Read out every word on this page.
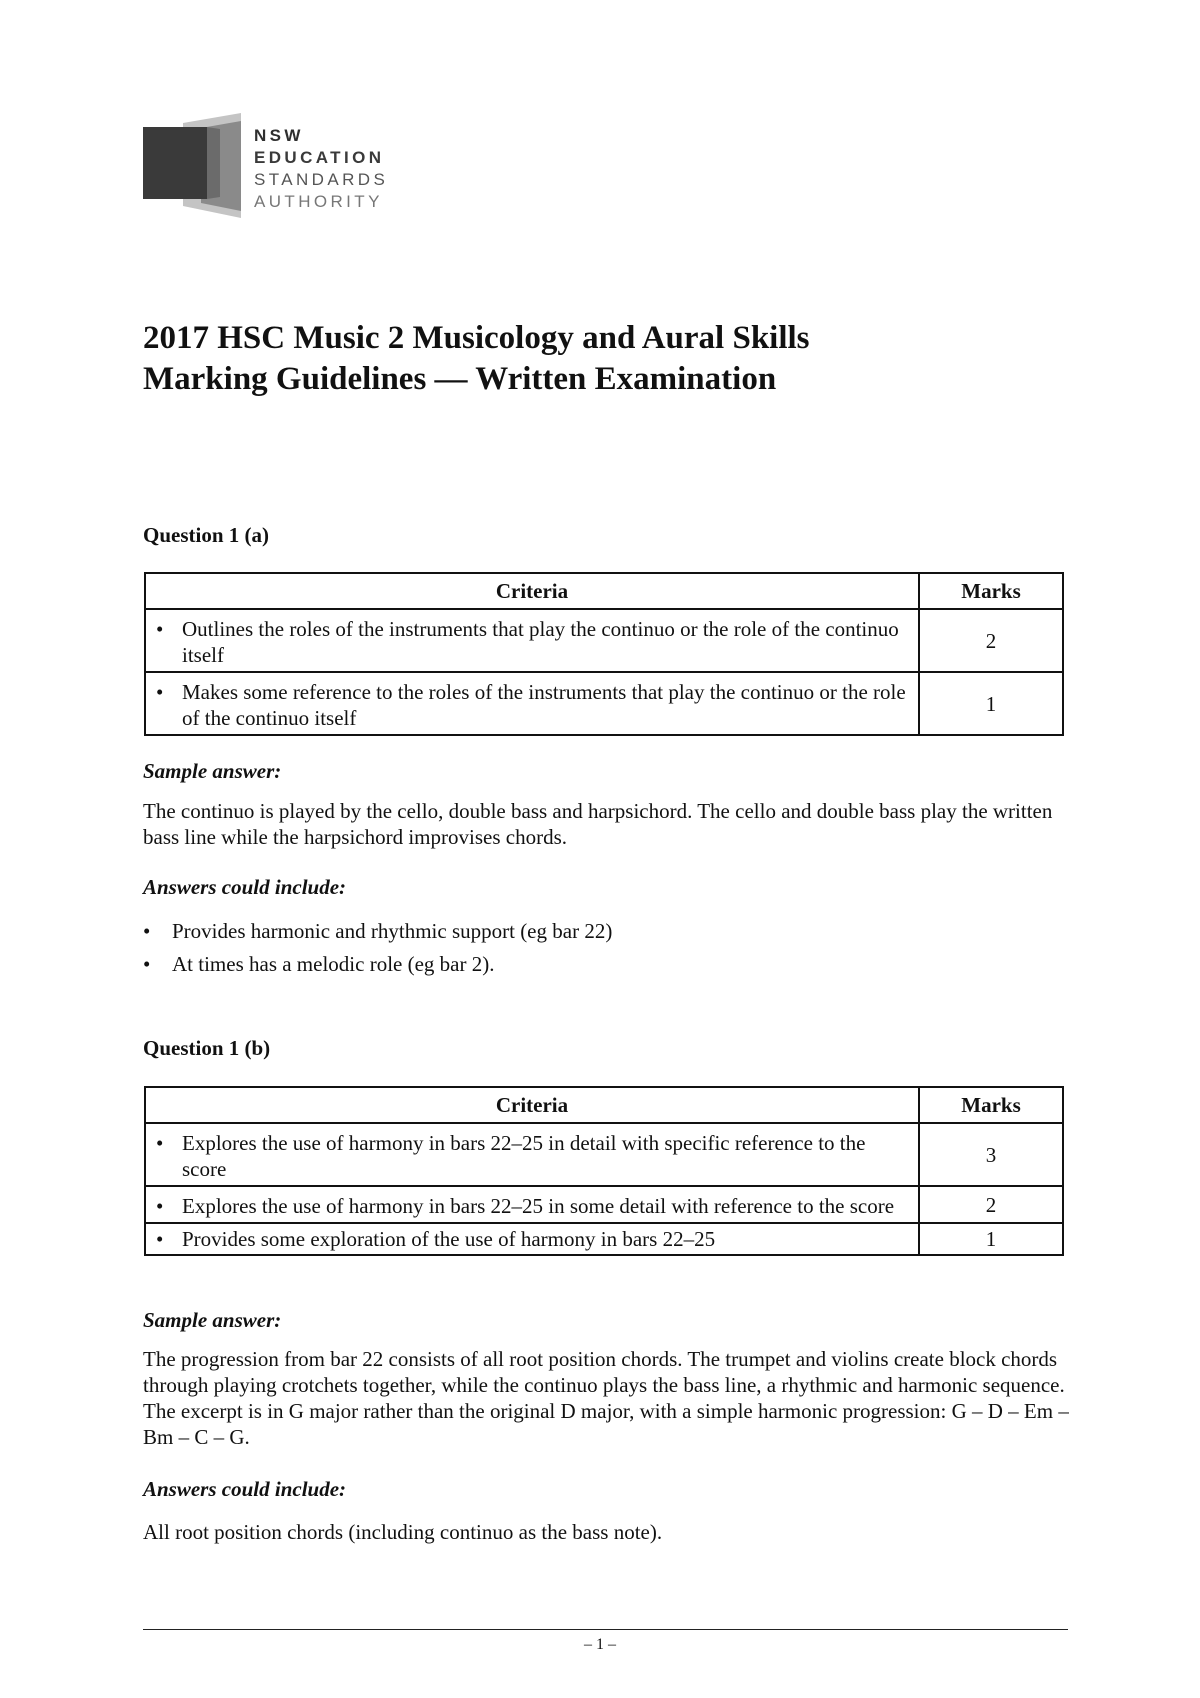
NSW
EDUCATION
STANDARDS
AUTHORITY
2017 HSC Music 2 Musicology and Aural Skills
Marking Guidelines — Written Examination
Question 1 (a)
Criteria	Marks

• Outlines the roles of the instruments that play the continuo or the role of the continuo itself	2

• Makes some reference to the roles of the instruments that play the continuo or the role of the continuo itself	1

Sample answer:

The continuo is played by the cello, double bass and harpsichord. The cello and double bass play the written bass line while the harpsichord improvises chords.

Answers could include:

•	Provides harmonic and rhythmic support (eg bar 22)
•	At times has a melodic role (eg bar 2).
Question 1 (b)
Criteria	Marks

• Explores the use of harmony in bars 22–25 in detail with specific reference to the score	3

• Explores the use of harmony in bars 22–25 in some detail with reference to the score	2

• Provides some exploration of the use of harmony in bars 22–25	1

Sample answer:

The progression from bar 22 consists of all root position chords. The trumpet and violins create block chords through playing crotchets together, while the continuo plays the bass line, a rhythmic and harmonic sequence. The excerpt is in G major rather than the original D major, with a simple harmonic progression: G – D – Em – Bm – C – G.

Answers could include:

All root position chords (including continuo as the bass note).

– 1 –
